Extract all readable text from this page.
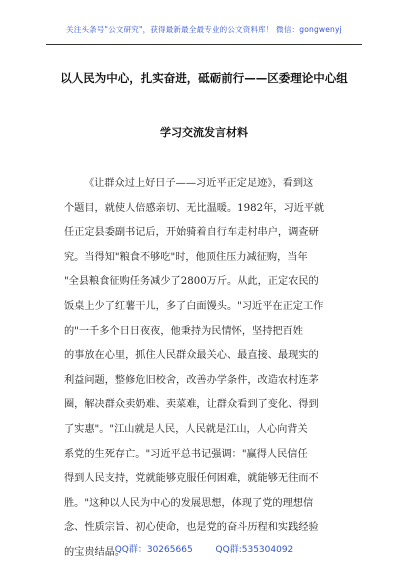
关注头条号"公文研究"，获得最新最全最专业的公文资料库！ 微信：gongwenyj
以人民为中心，扎实奋进，砥砺前行——区委理论中心组
学习交流发言材料
《让群众过上好日子——习近平正定足迹》，看到这
个题目，就使人倍感亲切、无比温暖。1982年，习近平就
任正定县委副书记后，开始骑着自行车走村串户，调查研
究。当得知"粮食不够吃"时，他顶住压力减征购，当年
"全县粮食征购任务减少了2800万斤。从此，正定农民的
饭桌上少了红薯干儿，多了白面馒头。"习近平在正定工作
的"一千多个日日夜夜，他秉持为民情怀，坚持把百姓
的事放在心里，抓住人民群众最关心、最直接、最现实的
利益问题，整修危旧校舍，改善办学条件，改造农村连茅
圈，解决群众卖奶难、卖菜难，让群众看到了变化、得到
了实惠"。"江山就是人民，人民就是江山，人心向背关
系党的生死存亡。"习近平总书记强调："赢得人民信任
得到人民支持，党就能够克服任何困难，就能够无往而不
胜。"这种以人民为中心的发展思想，体现了党的理想信
念、性质宗旨、初心使命，也是党的奋斗历程和实践经验
的宝贵结晶。
QQ群：30265665	QQ群:535304092
